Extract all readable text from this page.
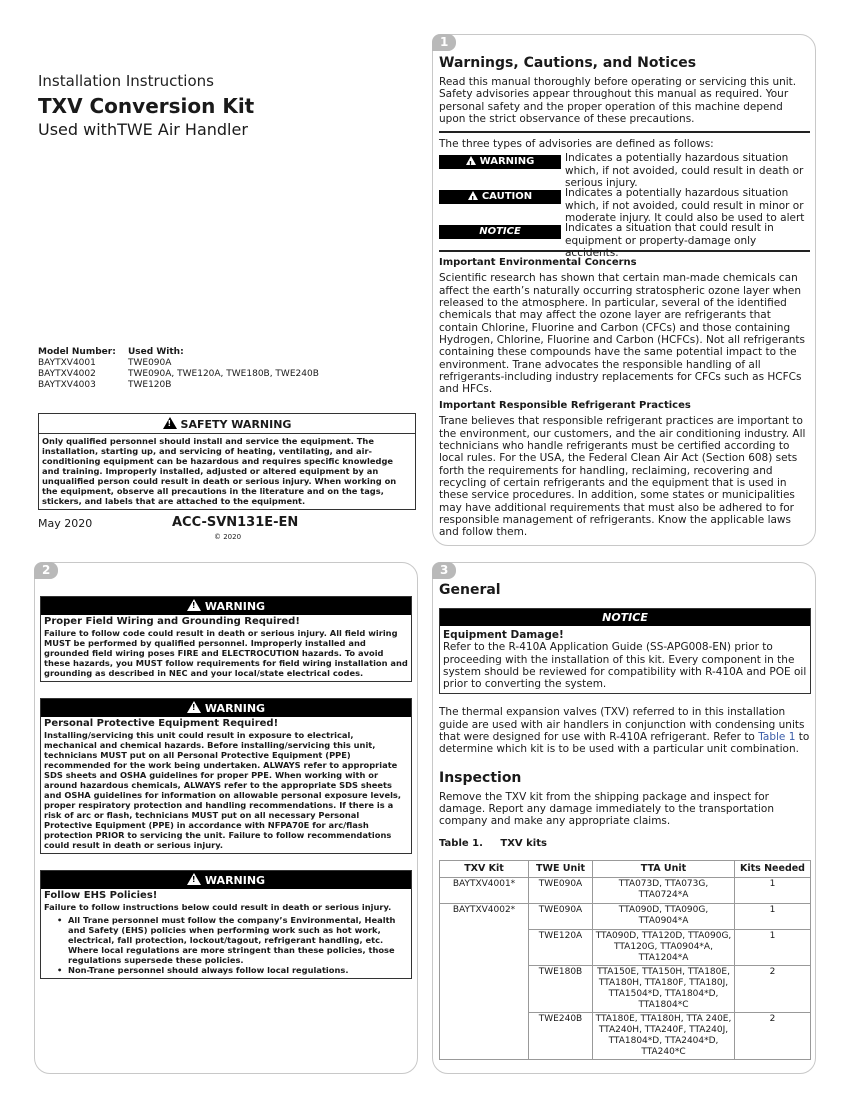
1
Installation Instructions
TXV Conversion Kit
Used withTWE Air Handler
Model Number:	Used With:
BAYTXV4001	TWE090A
BAYTXV4002	TWE090A, TWE120A, TWE180B, TWE240B
BAYTXV4003	TWE120B
!SAFETY WARNING
Only qualified personnel should install and service the equipment. The installation, starting up, and servicing of heating, ventilating, and air-conditioning equipment can be hazardous and requires specific knowledge and training. Improperly installed, adjusted or altered equipment by an unqualified person could result in death or serious injury. When working on the equipment, observe all precautions in the literature and on the tags, stickers, and labels that are attached to the equipment.
May 2020	ACC-SVN131E-EN
© 2020
Warnings, Cautions, and Notices
Read this manual thoroughly before operating or servicing this unit. Safety advisories appear throughout this manual as required. Your personal safety and the proper operation of this machine depend upon the strict observance of these precautions.
The three types of advisories are defined as follows:
!WARNING	Indicates a potentially hazardous situation which, if not avoided, could result in death or serious injury.
!CAUTION	Indicates a potentially hazardous situation which, if not avoided, could result in minor or moderate injury. It could also be used to alert
NOTICE	Indicates a situation that could result in equipment or property-damage only accidents.
Important Environmental Concerns
Scientific research has shown that certain man-made chemicals can affect the earth’s naturally occurring stratospheric ozone layer when released to the atmosphere. In particular, several of the identified chemicals that may affect the ozone layer are refrigerants that contain Chlorine, Fluorine and Carbon (CFCs) and those containing Hydrogen, Chlorine, Fluorine and Carbon (HCFCs). Not all refrigerants containing these compounds have the same potential impact to the environment. Trane advocates the responsible handling of all refrigerants-including industry replacements for CFCs such as HCFCs and HFCs.
Important Responsible Refrigerant Practices
Trane believes that responsible refrigerant practices are important to the environment, our customers, and the air conditioning industry. All technicians who handle refrigerants must be certified according to local rules. For the USA, the Federal Clean Air Act (Section 608) sets forth the requirements for handling, reclaiming, recovering and recycling of certain refrigerants and the equipment that is used in these service procedures. In addition, some states or municipalities may have additional requirements that must also be adhered to for responsible management of refrigerants. Know the applicable laws and follow them.
2
!WARNING
Proper Field Wiring and Grounding Required!
Failure to follow code could result in death or serious injury. All field wiring MUST be performed by qualified personnel. Improperly installed and grounded field wiring poses FIRE and ELECTROCUTION hazards. To avoid these hazards, you MUST follow requirements for field wiring installation and grounding as described in NEC and your local/state electrical codes.
!WARNING
Personal Protective Equipment Required!
Installing/servicing this unit could result in exposure to electrical, mechanical and chemical hazards. Before installing/servicing this unit, technicians MUST put on all Personal Protective Equipment (PPE) recommended for the work being undertaken. ALWAYS refer to appropriate SDS sheets and OSHA guidelines for proper PPE. When working with or around hazardous chemicals, ALWAYS refer to the appropriate SDS sheets and OSHA guidelines for information on allowable personal exposure levels, proper respiratory protection and handling recommendations. If there is a risk of arc or flash, technicians MUST put on all necessary Personal Protective Equipment (PPE) in accordance with NFPA70E for arc/flash protection PRIOR to servicing the unit. Failure to follow recommendations could result in death or serious injury.
!WARNING
Follow EHS Policies!
Failure to follow instructions below could result in death or serious injury.
• All Trane personnel must follow the company’s Environmental, Health and Safety (EHS) policies when performing work such as hot work, electrical, fall protection, lockout/tagout, refrigerant handling, etc. Where local regulations are more stringent than these policies, those regulations supersede these policies.
• Non-Trane personnel should always follow local regulations.
3
General
NOTICE
Equipment Damage!
Refer to the R-410A Application Guide (SS-APG008-EN) prior to proceeding with the installation of this kit. Every component in the system should be reviewed for compatibility with R-410A and POE oil prior to converting the system.
The thermal expansion valves (TXV) referred to in this installation guide are used with air handlers in conjunction with condensing units that were designed for use with R-410A refrigerant. Refer to Table 1 to determine which kit is to be used with a particular unit combination.
Inspection
Remove the TXV kit from the shipping package and inspect for damage. Report any damage immediately to the transportation company and make any appropriate claims.
Table 1. TXV kits
TXV Kit	TWE Unit	TTA Unit	Kits Needed
BAYTXV4001*	TWE090A	TTA073D, TTA073G, TTA0724*A	1
BAYTXV4002*	TWE090A	TTA090D, TTA090G, TTA0904*A	1
	TWE120A	TTA090D, TTA120D, TTA090G, TTA120G, TTA0904*A, TTA1204*A	1
	TWE180B	TTA150E, TTA150H, TTA180E, TTA180H, TTA180F, TTA180J, TTA1504*D, TTA1804*D, TTA1804*C	2
	TWE240B	TTA180E, TTA180H, TTA 240E, TTA240H, TTA240F, TTA240J, TTA1804*D, TTA2404*D, TTA240*C	2
